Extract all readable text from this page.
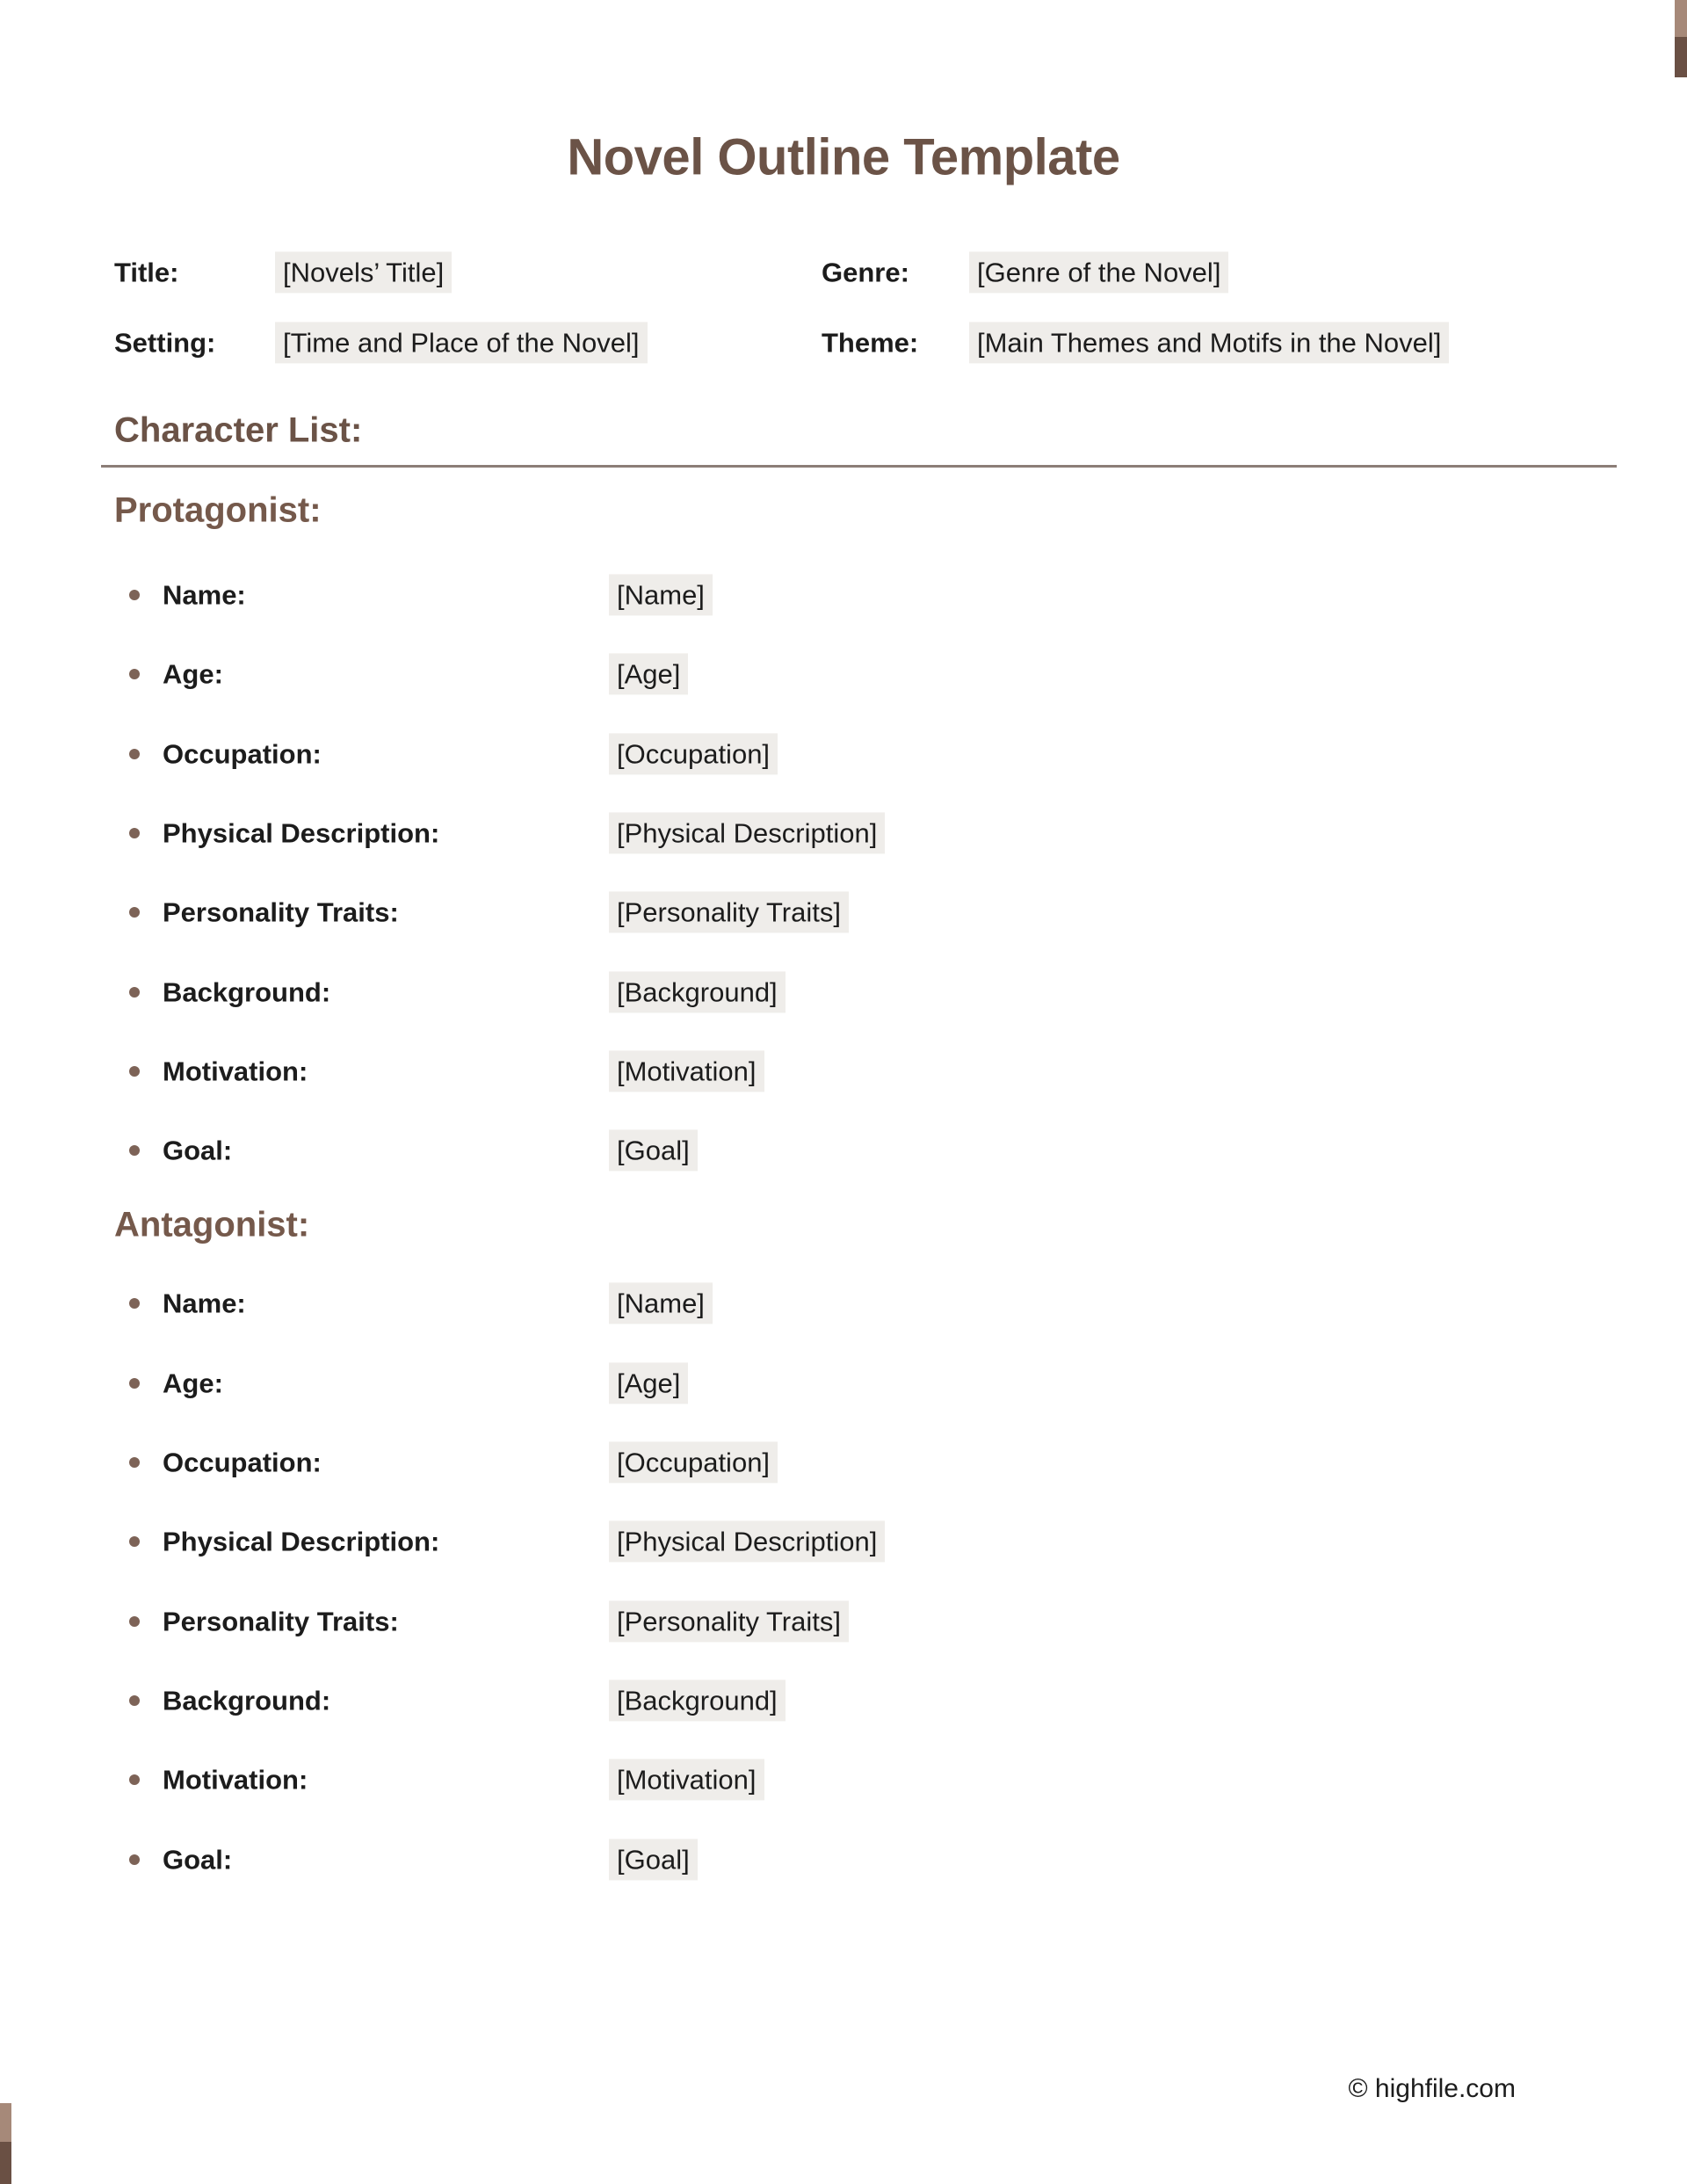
Novel Outline Template
Title:	[Novels’ Title]	Genre: [Genre of the Novel]
Setting: [Time and Place of the Novel]	Theme: [Main Themes and Motifs in the Novel]
Character List:
Protagonist:
Name:	[Name]
Age:	[Age]
Occupation:	[Occupation]
Physical Description:	[Physical Description]
Personality Traits:	[Personality Traits]
Background:	[Background]
Motivation:	[Motivation]
Goal:	[Goal]
Antagonist:
Name:	[Name]
Age:	[Age]
Occupation:	[Occupation]
Physical Description:	[Physical Description]
Personality Traits:	[Personality Traits]
Background:	[Background]
Motivation:	[Motivation]
Goal:	[Goal]
© highfile.com
